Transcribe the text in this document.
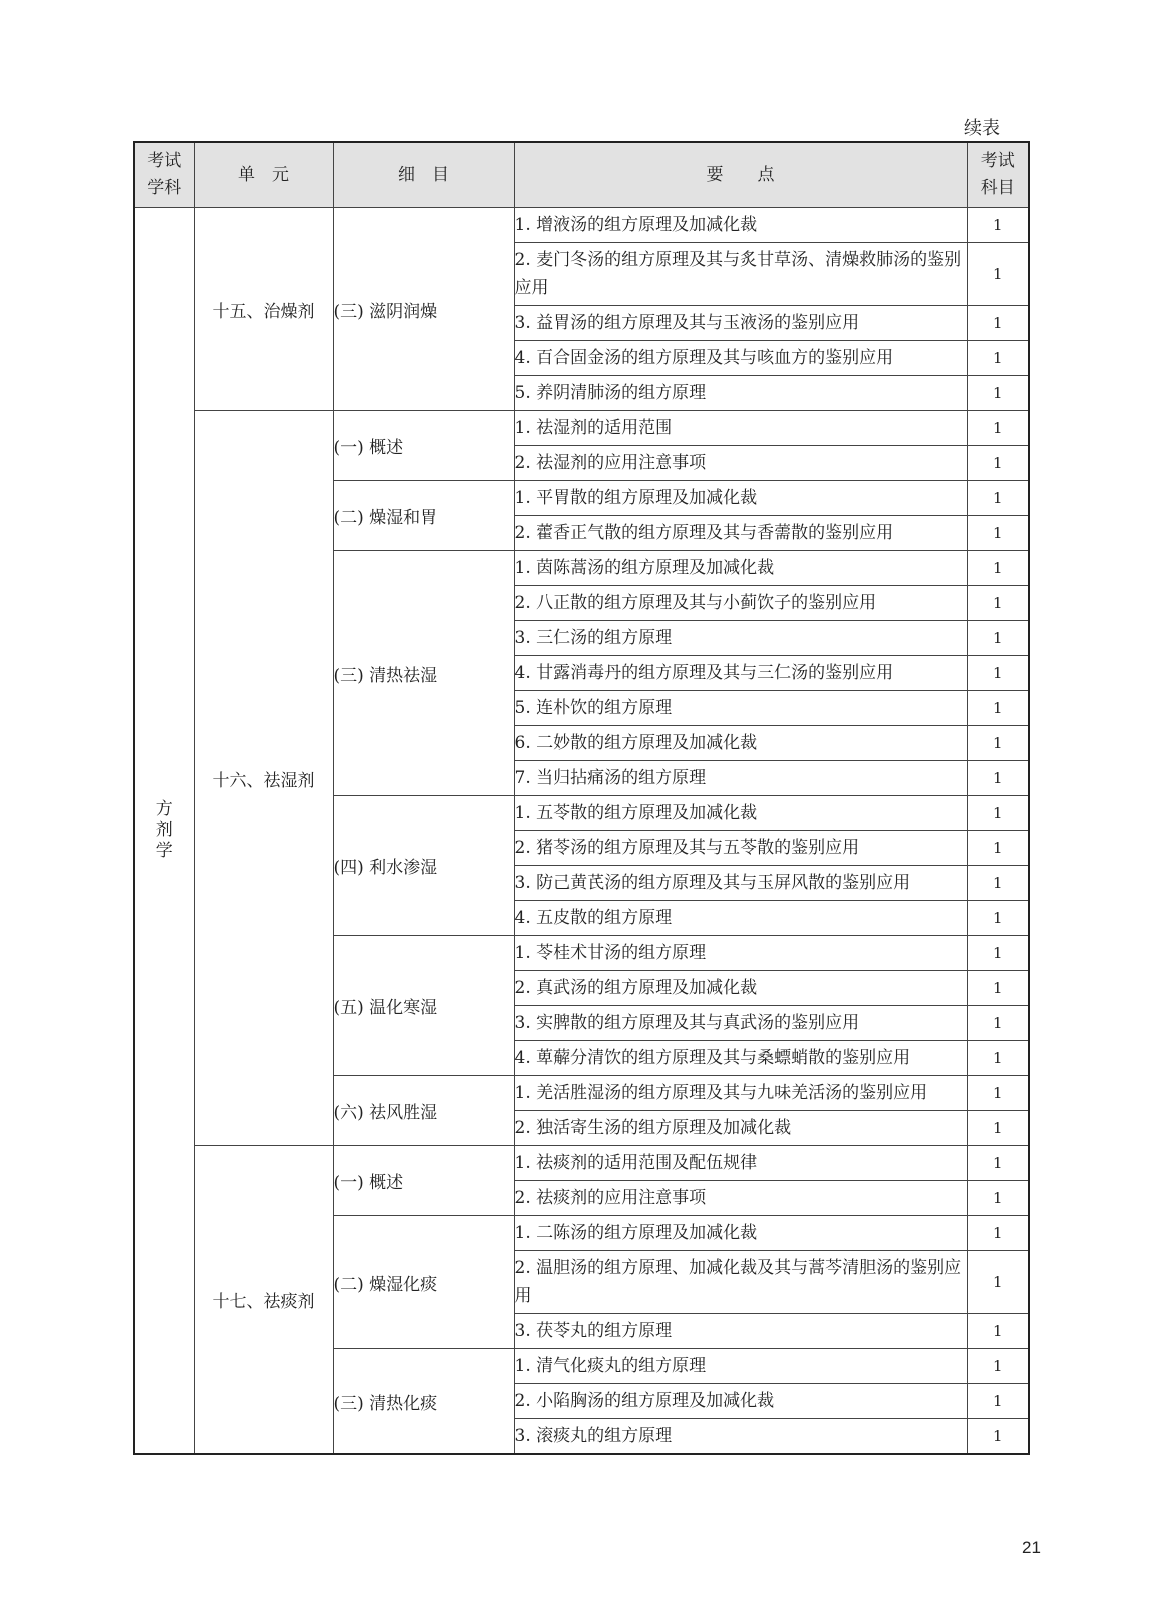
续表
考试学科	单　元	细　目	要　　点	考试科目
方剂学	十五、治燥剂	(三) 滋阴润燥	1. 增液汤的组方原理及加减化裁	1
			2. 麦门冬汤的组方原理及其与炙甘草汤、清燥救肺汤的鉴别应用	1
			3. 益胃汤的组方原理及其与玉液汤的鉴别应用	1
			4. 百合固金汤的组方原理及其与咳血方的鉴别应用	1
			5. 养阴清肺汤的组方原理	1
	十六、祛湿剂	(一) 概述	1. 祛湿剂的适用范围	1
			2. 祛湿剂的应用注意事项	1
		(二) 燥湿和胃	1. 平胃散的组方原理及加减化裁	1
			2. 藿香正气散的组方原理及其与香薷散的鉴别应用	1
		(三) 清热祛湿	1. 茵陈蒿汤的组方原理及加减化裁	1
			2. 八正散的组方原理及其与小蓟饮子的鉴别应用	1
			3. 三仁汤的组方原理	1
			4. 甘露消毒丹的组方原理及其与三仁汤的鉴别应用	1
			5. 连朴饮的组方原理	1
			6. 二妙散的组方原理及加减化裁	1
			7. 当归拈痛汤的组方原理	1
		(四) 利水渗湿	1. 五苓散的组方原理及加减化裁	1
			2. 猪苓汤的组方原理及其与五苓散的鉴别应用	1
			3. 防己黄芪汤的组方原理及其与玉屏风散的鉴别应用	1
			4. 五皮散的组方原理	1
		(五) 温化寒湿	1. 苓桂术甘汤的组方原理	1
			2. 真武汤的组方原理及加减化裁	1
			3. 实脾散的组方原理及其与真武汤的鉴别应用	1
			4. 萆薢分清饮的组方原理及其与桑螵蛸散的鉴别应用	1
		(六) 祛风胜湿	1. 羌活胜湿汤的组方原理及其与九味羌活汤的鉴别应用	1
			2. 独活寄生汤的组方原理及加减化裁	1
	十七、祛痰剂	(一) 概述	1. 祛痰剂的适用范围及配伍规律	1
			2. 祛痰剂的应用注意事项	1
		(二) 燥湿化痰	1. 二陈汤的组方原理及加减化裁	1
			2. 温胆汤的组方原理、加减化裁及其与蒿芩清胆汤的鉴别应用	1
			3. 茯苓丸的组方原理	1
		(三) 清热化痰	1. 清气化痰丸的组方原理	1
			2. 小陷胸汤的组方原理及加减化裁	1
			3. 滚痰丸的组方原理	1
21
